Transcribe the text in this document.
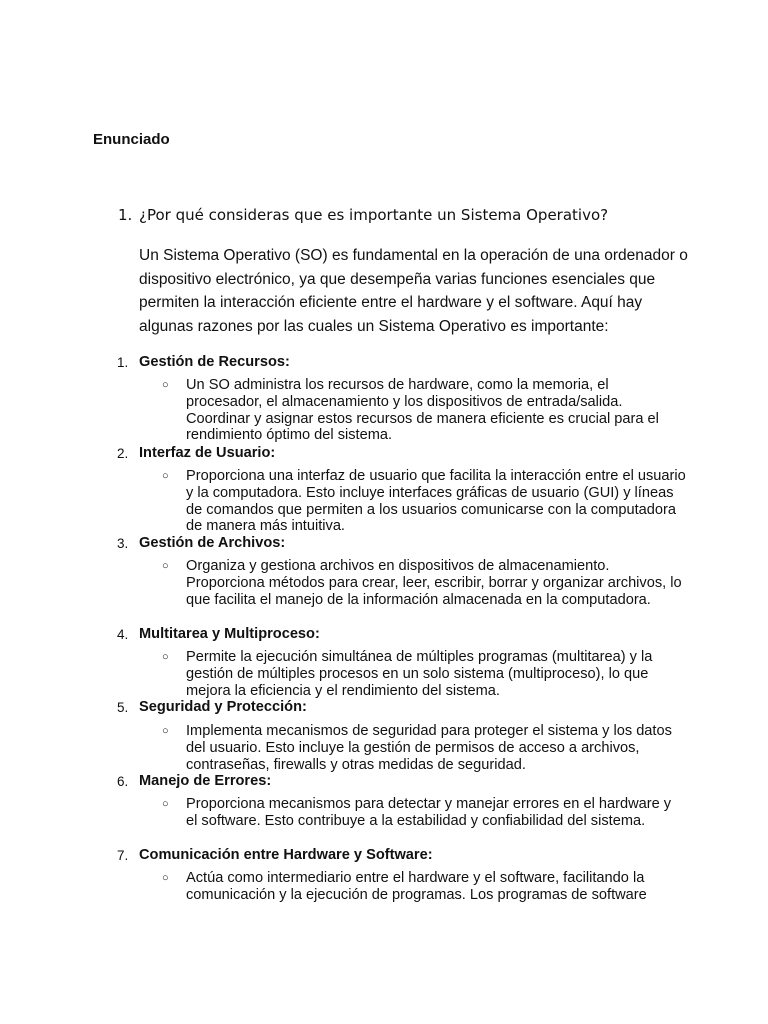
Enunciado
1. ¿Por qué consideras que es importante un Sistema Operativo?

Un Sistema Operativo (SO) es fundamental en la operación de una ordenador o dispositivo electrónico, ya que desempeña varias funciones esenciales que permiten la interacción eficiente entre el hardware y el software. Aquí hay algunas razones por las cuales un Sistema Operativo es importante:

1. Gestión de Recursos:
○ Un SO administra los recursos de hardware, como la memoria, el procesador, el almacenamiento y los dispositivos de entrada/salida. Coordinar y asignar estos recursos de manera eficiente es crucial para el rendimiento óptimo del sistema.

2. Interfaz de Usuario:
○ Proporciona una interfaz de usuario que facilita la interacción entre el usuario y la computadora. Esto incluye interfaces gráficas de usuario (GUI) y líneas de comandos que permiten a los usuarios comunicarse con la computadora de manera más intuitiva.

3. Gestión de Archivos:
○ Organiza y gestiona archivos en dispositivos de almacenamiento. Proporciona métodos para crear, leer, escribir, borrar y organizar archivos, lo que facilita el manejo de la información almacenada en la computadora.

4. Multitarea y Multiproceso:
○ Permite la ejecución simultánea de múltiples programas (multitarea) y la gestión de múltiples procesos en un solo sistema (multiproceso), lo que mejora la eficiencia y el rendimiento del sistema.

5. Seguridad y Protección:
○ Implementa mecanismos de seguridad para proteger el sistema y los datos del usuario. Esto incluye la gestión de permisos de acceso a archivos, contraseñas, firewalls y otras medidas de seguridad.

6. Manejo de Errores:
○ Proporciona mecanismos para detectar y manejar errores en el hardware y el software. Esto contribuye a la estabilidad y confiabilidad del sistema.

7. Comunicación entre Hardware y Software:
○ Actúa como intermediario entre el hardware y el software, facilitando la comunicación y la ejecución de programas. Los programas de software
